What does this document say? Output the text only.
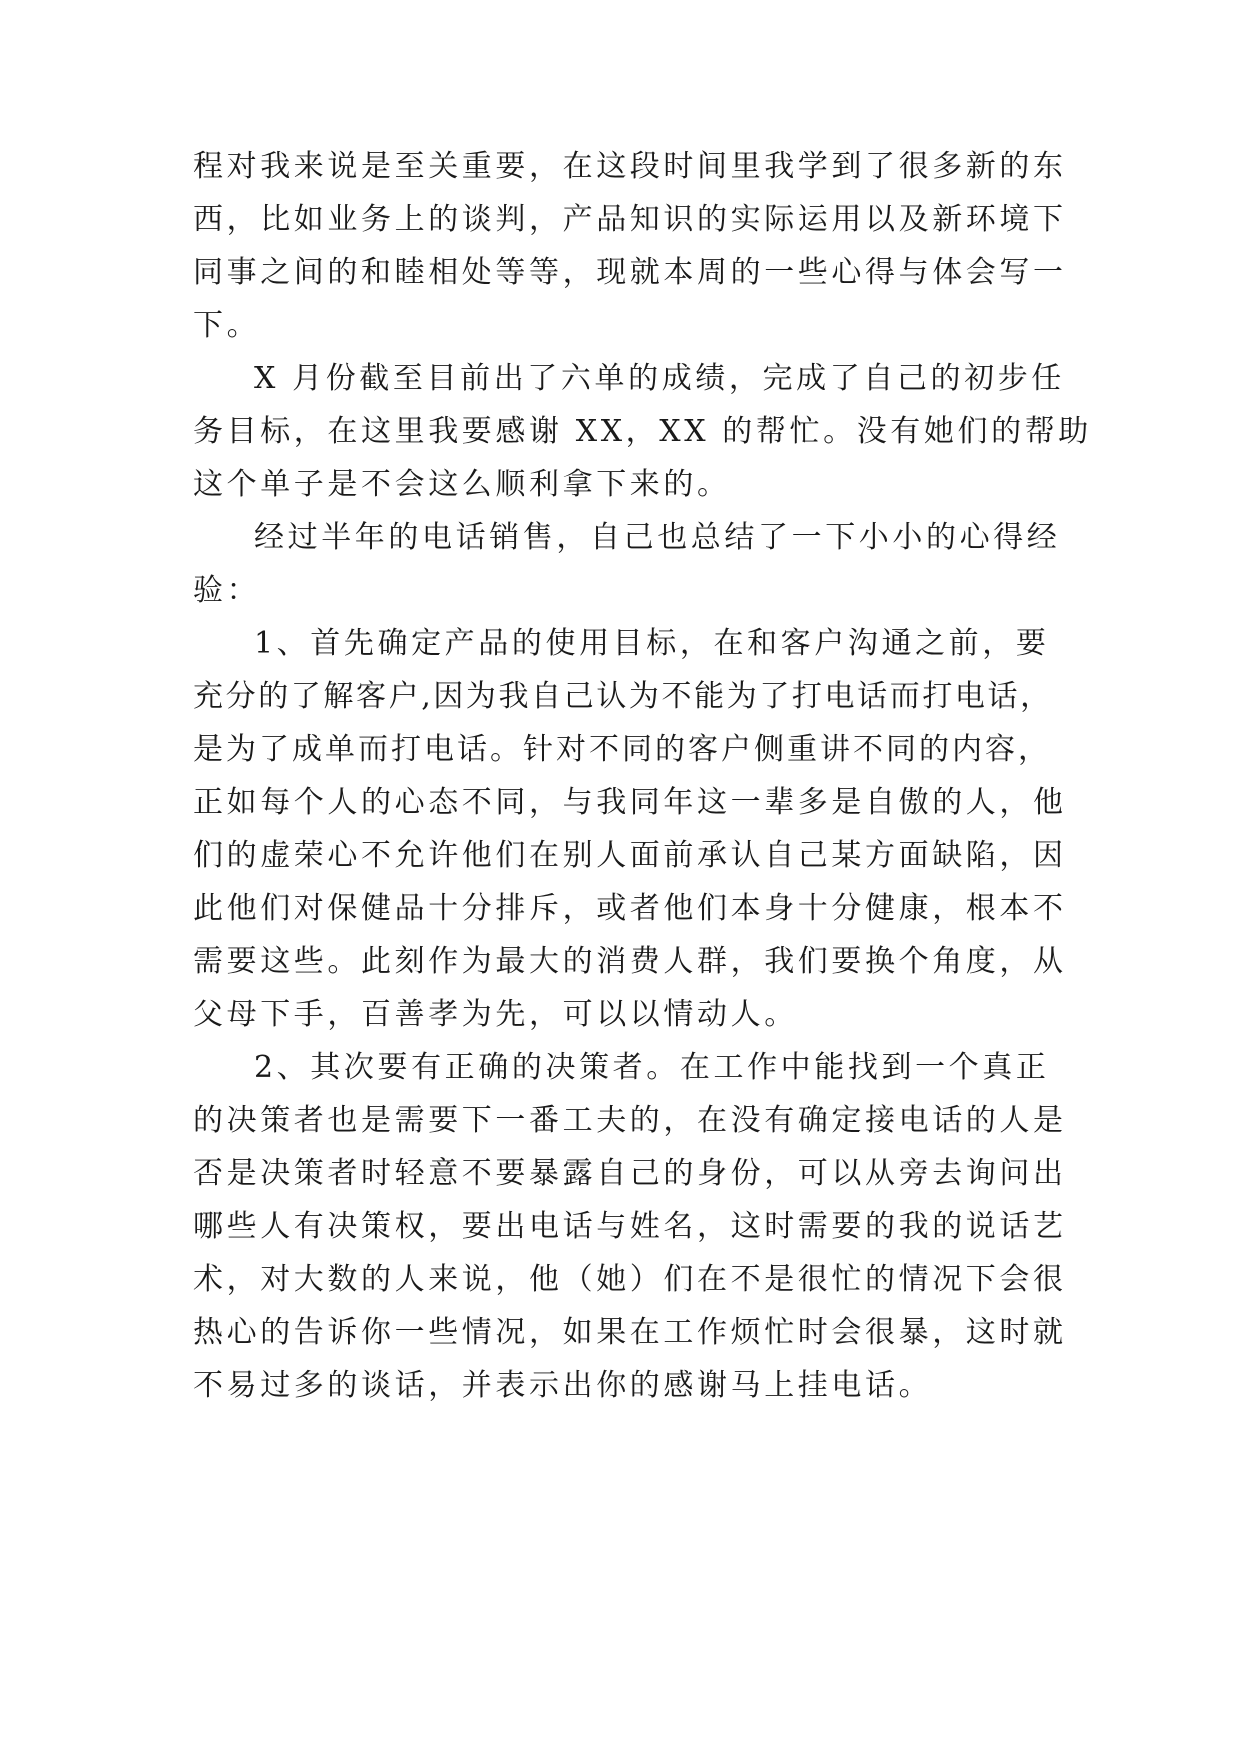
程对我来说是至关重要，在这段时间里我学到了很多新的东
西，比如业务上的谈判，产品知识的实际运用以及新环境下
同事之间的和睦相处等等，现就本周的一些心得与体会写一
下。
X 月份截至目前出了六单的成绩，完成了自己的初步任
务目标，在这里我要感谢 XX，XX 的帮忙。没有她们的帮助
这个单子是不会这么顺利拿下来的。
经过半年的电话销售，自己也总结了一下小小的心得经
验：
1、首先确定产品的使用目标，在和客户沟通之前，要
充分的了解客户,因为我自己认为不能为了打电话而打电话，
是为了成单而打电话。针对不同的客户侧重讲不同的内容，
正如每个人的心态不同，与我同年这一辈多是自傲的人，他
们的虚荣心不允许他们在别人面前承认自己某方面缺陷，因
此他们对保健品十分排斥，或者他们本身十分健康，根本不
需要这些。此刻作为最大的消费人群，我们要换个角度，从
父母下手，百善孝为先，可以以情动人。
2、其次要有正确的决策者。在工作中能找到一个真正
的决策者也是需要下一番工夫的，在没有确定接电话的人是
否是决策者时轻意不要暴露自己的身份，可以从旁去询问出
哪些人有决策权，要出电话与姓名，这时需要的我的说话艺
术，对大数的人来说，他（她）们在不是很忙的情况下会很
热心的告诉你一些情况，如果在工作烦忙时会很暴，这时就
不易过多的谈话，并表示出你的感谢马上挂电话。
